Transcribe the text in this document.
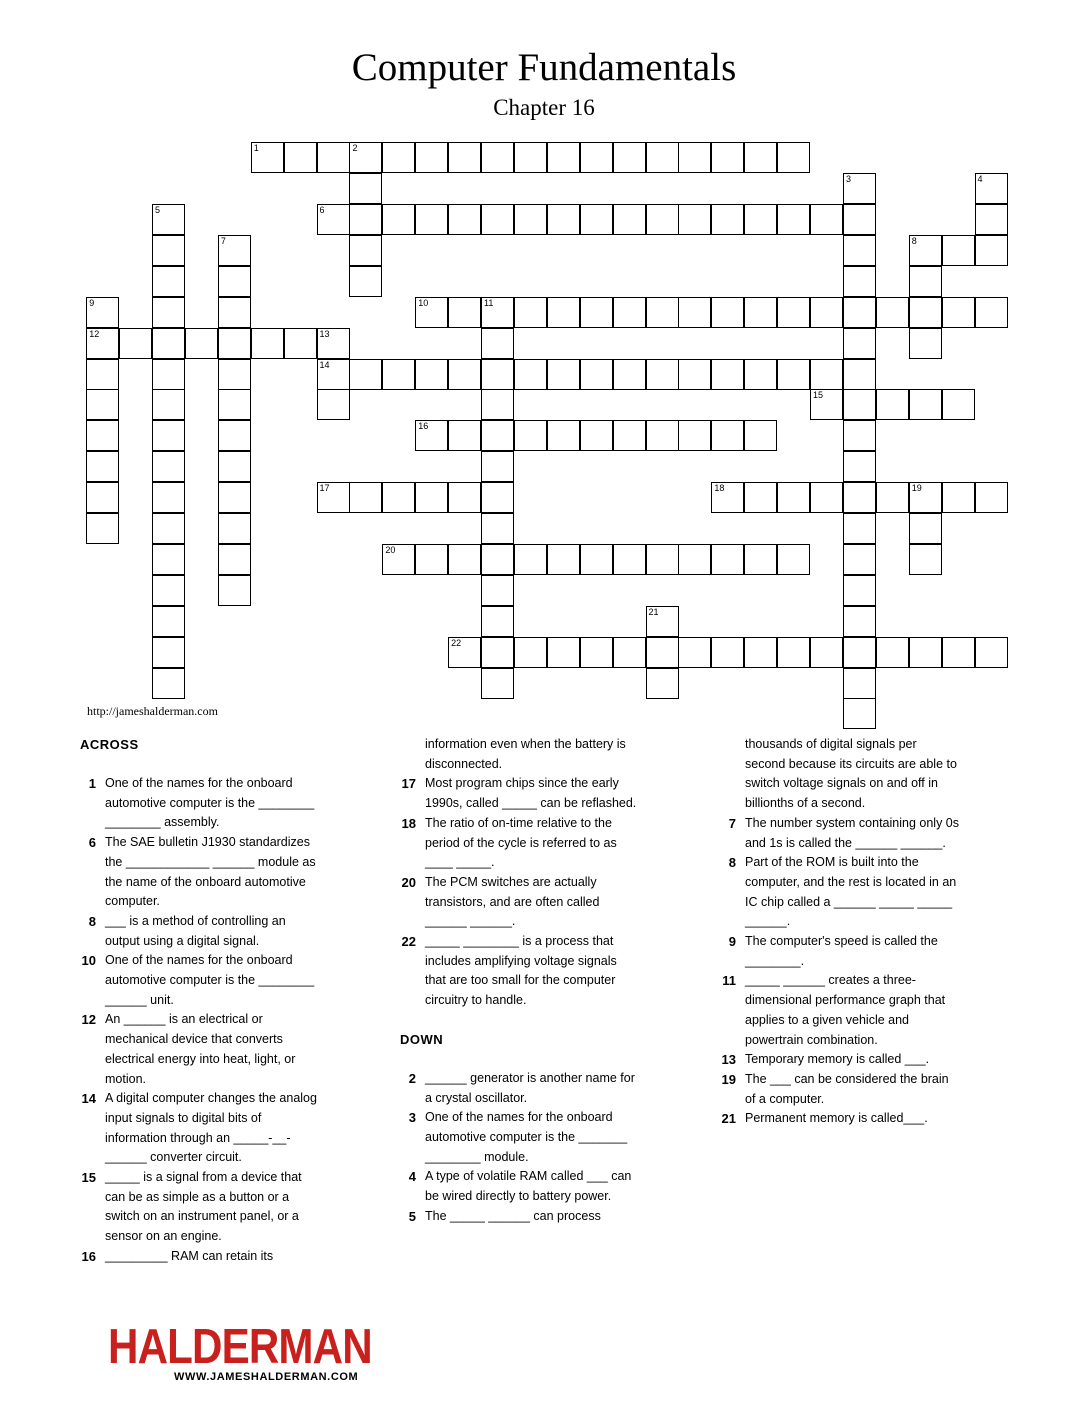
Computer Fundamentals
Chapter 16
1	2
3	4
5	6
7	8
9
12
10	11
13
14
15
16
17	18	19
20
21
22
http://jameshalderman.com
ACROSS
1 One of the names for the onboard automotive computer is the ________ ________ assembly.
6 The SAE bulletin J1930 standardizes the ____________ ______ module as the name of the onboard automotive computer.
8 ___ is a method of controlling an output using a digital signal.
10 One of the names for the onboard automotive computer is the ________ ______ unit.
12 An ______ is an electrical or mechanical device that converts electrical energy into heat, light, or motion.
14 A digital computer changes the analog input signals to digital bits of information through an _____-__-______ converter circuit.
15 _____ is a signal from a device that can be as simple as a button or a switch on an instrument panel, or a sensor on an engine.
16 _________ RAM can retain its
information even when the battery is disconnected.
17 Most program chips since the early 1990s, called _____ can be reflashed.
18 The ratio of on-time relative to the period of the cycle is referred to as ____ _____.
20 The PCM switches are actually transistors, and are often called ______ ______.
22 _____ ________ is a process that includes amplifying voltage signals that are too small for the computer circuitry to handle.
DOWN
2 ______ generator is another name for a crystal oscillator.
3 One of the names for the onboard automotive computer is the _______ ________ module.
4 A type of volatile RAM called ___ can be wired directly to battery power.
5 The _____ ______ can process
thousands of digital signals per second because its circuits are able to switch voltage signals on and off in billionths of a second.
7 The number system containing only 0s and 1s is called the ______ ______.
8 Part of the ROM is built into the computer, and the rest is located in an IC chip called a ______ _____ _____ ______.
9 The computer's speed is called the ________.
11 _____ ______ creates a three-dimensional performance graph that applies to a given vehicle and powertrain combination.
13 Temporary memory is called ___.
19 The ___ can be considered the brain of a computer.
21 Permanent memory is called___.
HALDERMAN
WWW.JAMESHALDERMAN.COM
